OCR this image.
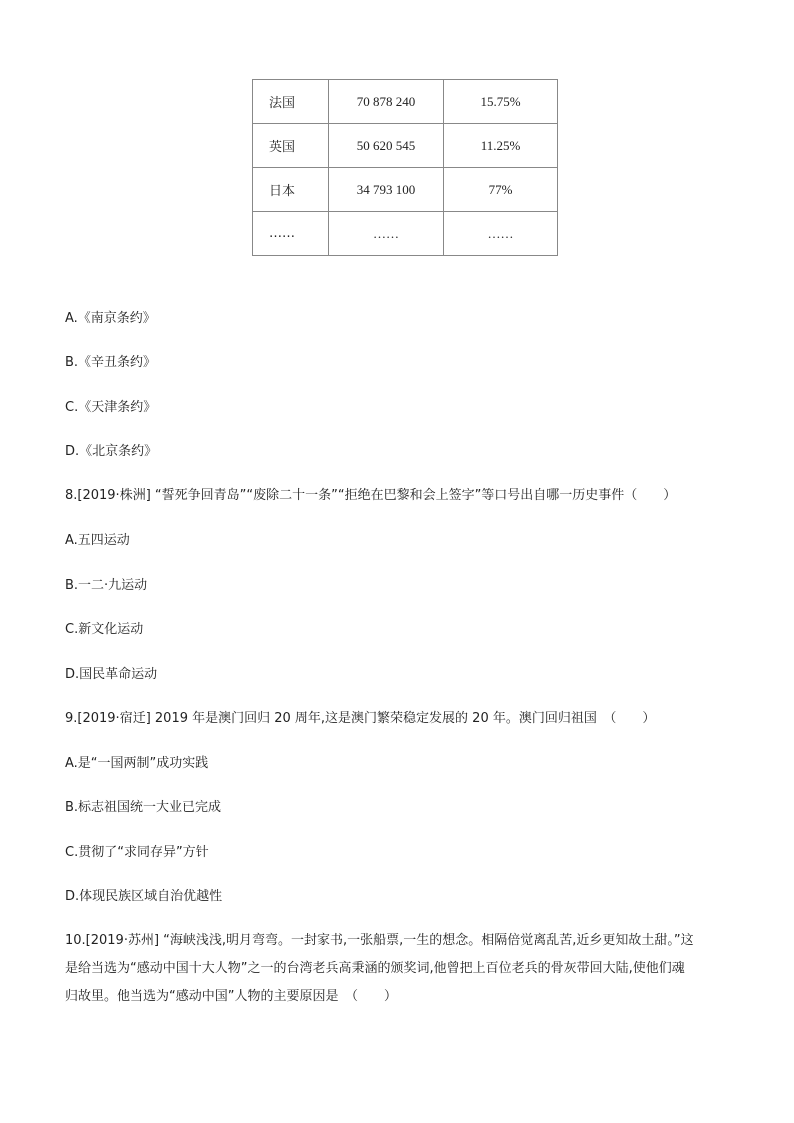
法国	70 878 240	15.75%
英国	50 620 545	11.25%
日本	34 793 100	77%
……	……	……
A.《南京条约》
B.《辛丑条约》
C.《天津条约》
D.《北京条约》
8.[2019·株洲] “誓死争回青岛”“废除二十一条”“拒绝在巴黎和会上签字”等口号出自哪一历史事件（　　）
A.五四运动
B.一二·九运动
C.新文化运动
D.国民革命运动
9.[2019·宿迁] 2019 年是澳门回归 20 周年,这是澳门繁荣稳定发展的 20 年。澳门回归祖国　（　　）
A.是“一国两制”成功实践
B.标志祖国统一大业已完成
C.贯彻了“求同存异”方针
D.体现民族区域自治优越性
10.[2019·苏州] “海峡浅浅,明月弯弯。一封家书,一张船票,一生的想念。相隔倍觉离乱苦,近乡更知故土甜。”这
是给当选为“感动中国十大人物”之一的台湾老兵高秉涵的颁奖词,他曾把上百位老兵的骨灰带回大陆,使他们魂
归故里。他当选为“感动中国”人物的主要原因是　（　　）
